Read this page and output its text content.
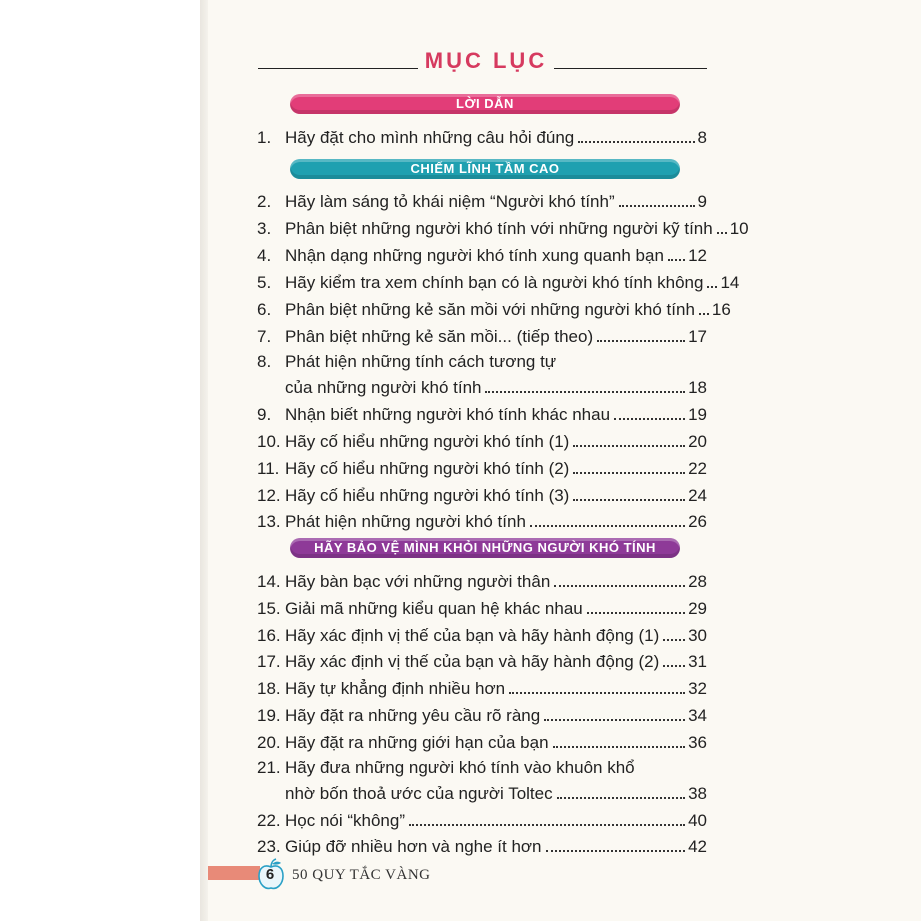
MỤC LỤC
LỜI DẪN
CHIẾM LĨNH TẦM CAO
HÃY BẢO VỆ MÌNH KHỎI NHỮNG NGƯỜI KHÓ TÍNH
1. Hãy đặt cho mình những câu hỏi đúng	8
2. Hãy làm sáng tỏ khái niệm “Người khó tính”	9
3. Phân biệt những người khó tính với những người kỹ tính 10
4. Nhận dạng những người khó tính xung quanh bạn 12
5. Hãy kiểm tra xem chính bạn có là người khó tính không 14
6. Phân biệt những kẻ săn mồi với những người khó tính 16
7. Phân biệt những kẻ săn mồi... (tiếp theo)	17
8. Phát hiện những tính cách tương tự
của những người khó tính	18
9. Nhận biết những người khó tính khác nhau	19
10. Hãy cố hiểu những người khó tính (1)	20
11. Hãy cố hiểu những người khó tính (2)	22
12. Hãy cố hiểu những người khó tính (3)	24
13. Phát hiện những người khó tính	26
14. Hãy bàn bạc với những người thân	28
15. Giải mã những kiểu quan hệ khác nhau	29
16. Hãy xác định vị thế của bạn và hãy hành động (1) 30
17. Hãy xác định vị thế của bạn và hãy hành động (2) 31
18. Hãy tự khẳng định nhiều hơn	32
19. Hãy đặt ra những yêu cầu rõ ràng	34
20. Hãy đặt ra những giới hạn của bạn	36
21. Hãy đưa những người khó tính vào khuôn khổ
nhờ bốn thoả ước của người Toltec	38
22. Học nói “không”	40
23. Giúp đỡ nhiều hơn và nghe ít hơn	42
6	50 QUY TẮC VÀNG
